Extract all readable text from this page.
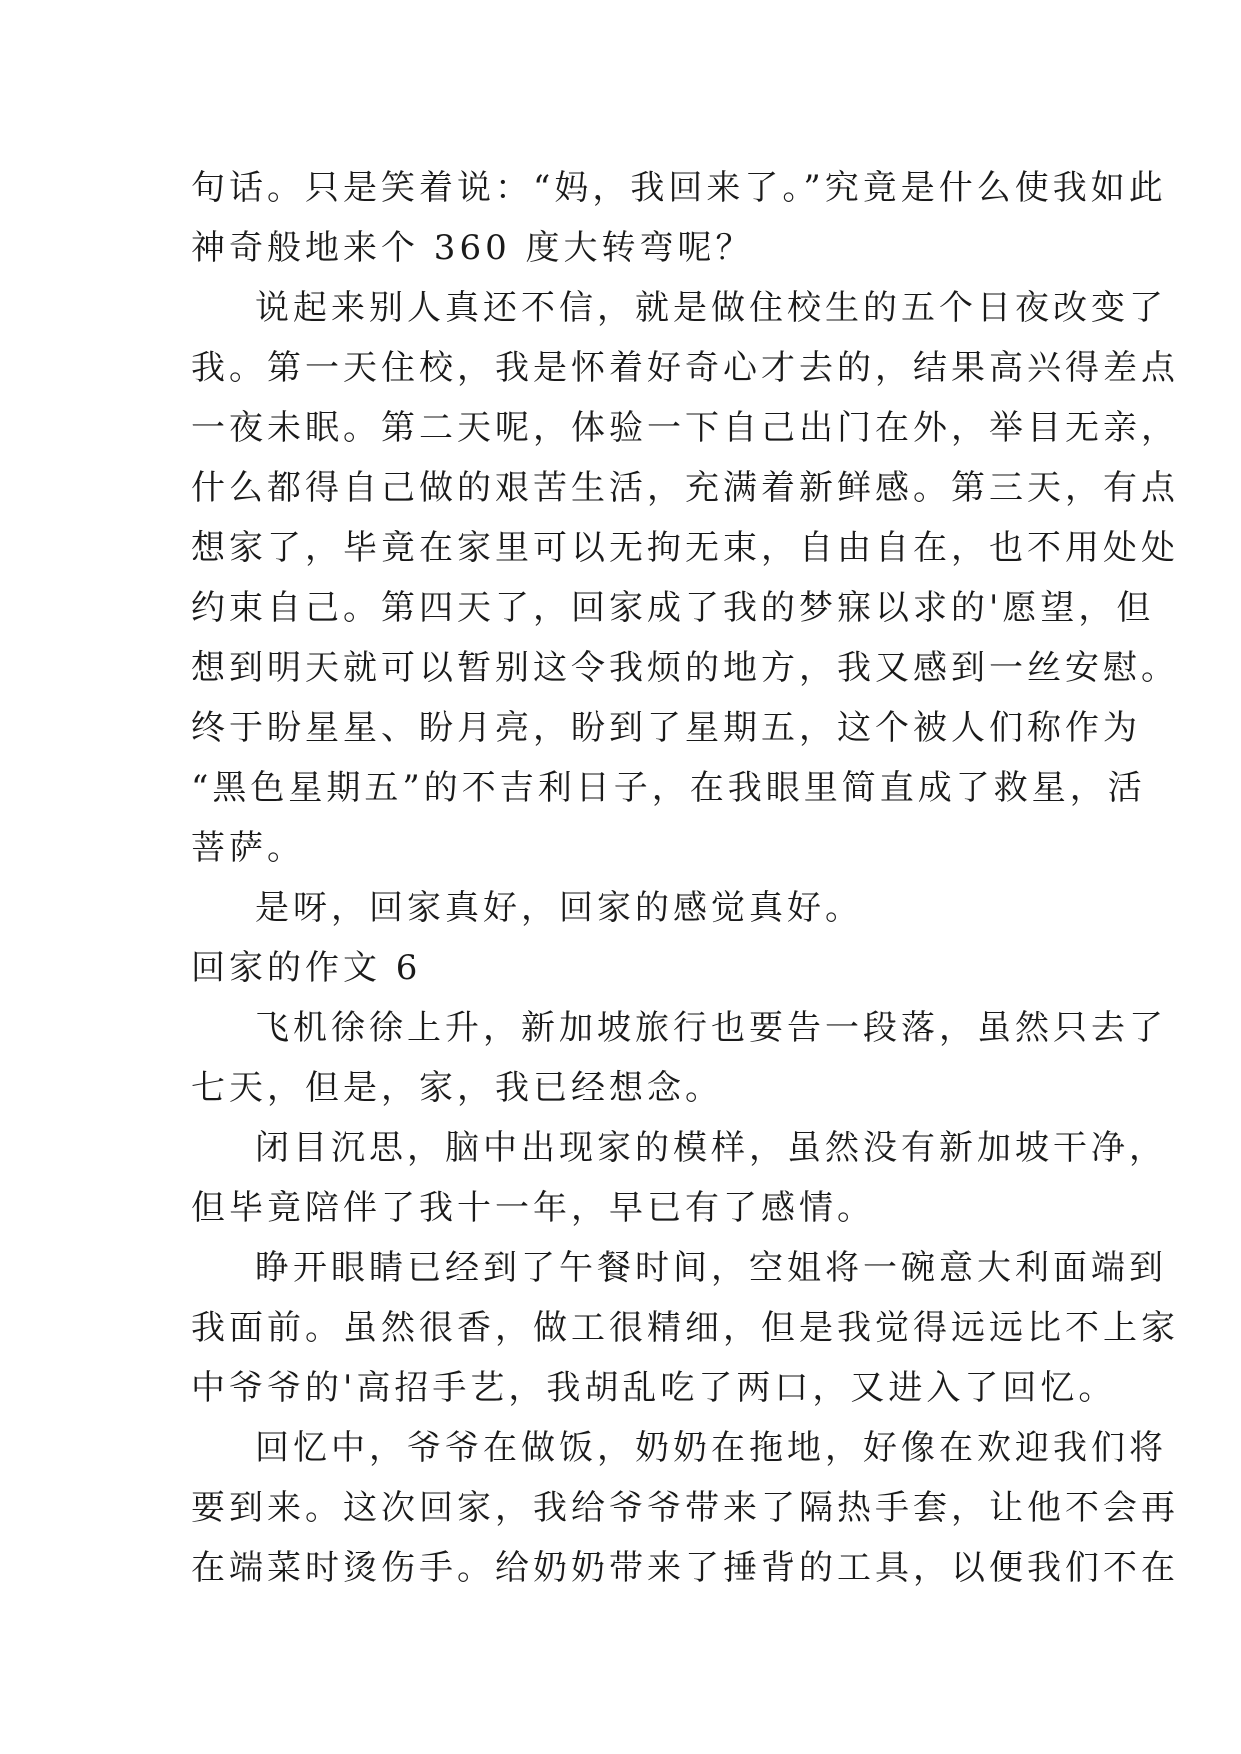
句话。只是笑着说：“妈，我回来了。”究竟是什么使我如此
神奇般地来个 360 度大转弯呢？
说起来别人真还不信，就是做住校生的五个日夜改变了
我。第一天住校，我是怀着好奇心才去的，结果高兴得差点
一夜未眠。第二天呢，体验一下自己出门在外，举目无亲，
什么都得自己做的艰苦生活，充满着新鲜感。第三天，有点
想家了，毕竟在家里可以无拘无束，自由自在，也不用处处
约束自己。第四天了，回家成了我的梦寐以求的'愿望，但
想到明天就可以暂别这令我烦的地方，我又感到一丝安慰。
终于盼星星、盼月亮，盼到了星期五，这个被人们称作为
“黑色星期五”的不吉利日子，在我眼里简直成了救星，活
菩萨。
是呀，回家真好，回家的感觉真好。
回家的作文 6
飞机徐徐上升，新加坡旅行也要告一段落，虽然只去了
七天，但是，家，我已经想念。
闭目沉思，脑中出现家的模样，虽然没有新加坡干净，
但毕竟陪伴了我十一年，早已有了感情。
睁开眼睛已经到了午餐时间，空姐将一碗意大利面端到
我面前。虽然很香，做工很精细，但是我觉得远远比不上家
中爷爷的'高招手艺，我胡乱吃了两口，又进入了回忆。
回忆中，爷爷在做饭，奶奶在拖地，好像在欢迎我们将
要到来。这次回家，我给爷爷带来了隔热手套，让他不会再
在端菜时烫伤手。给奶奶带来了捶背的工具，以便我们不在
